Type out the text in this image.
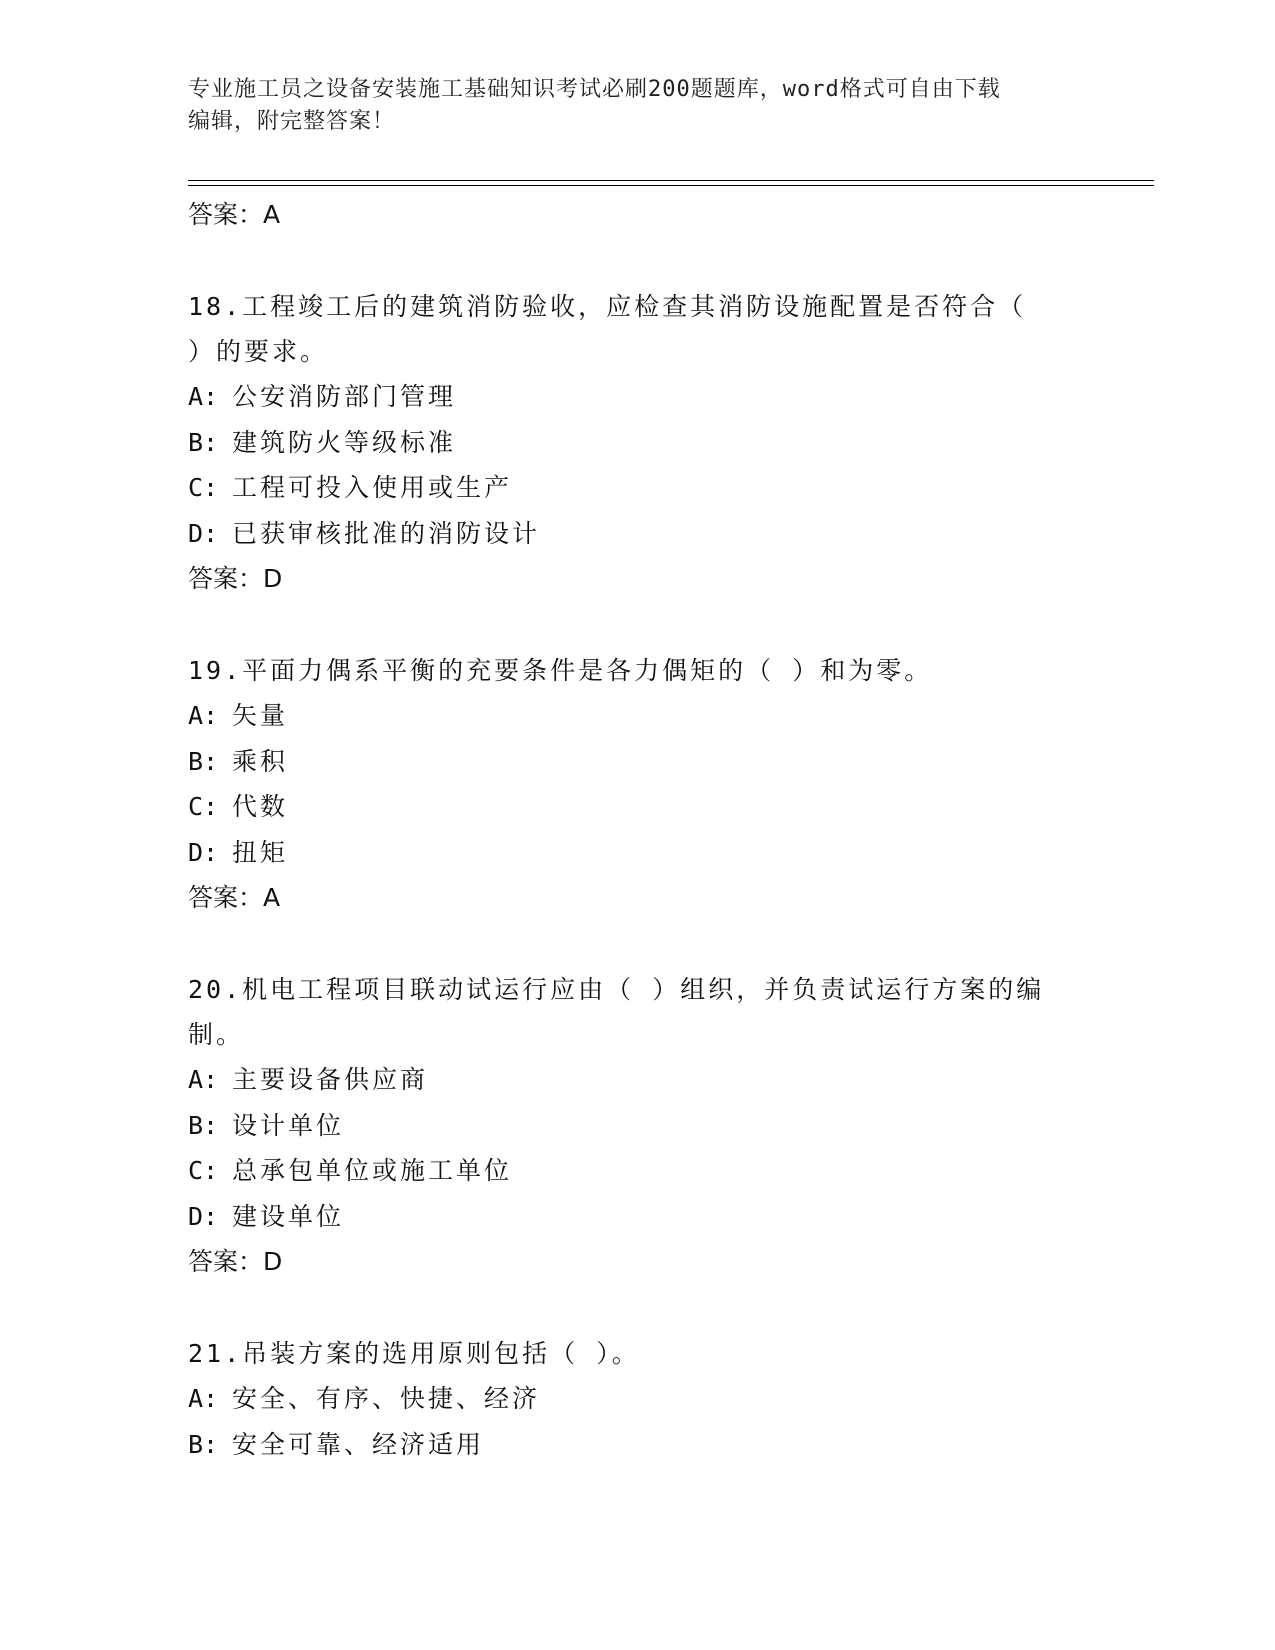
专业施工员之设备安装施工基础知识考试必刷200题题库，word格式可自由下载
编辑，附完整答案！
答案：A
18.工程竣工后的建筑消防验收，应检查其消防设施配置是否符合（
）的要求。
A: 公安消防部门管理
B: 建筑防火等级标准
C: 工程可投入使用或生产
D: 已获审核批准的消防设计
答案：D
19.平面力偶系平衡的充要条件是各力偶矩的（ ）和为零。
A: 矢量
B: 乘积
C: 代数
D: 扭矩
答案：A
20.机电工程项目联动试运行应由（ ）组织，并负责试运行方案的编
制。
A: 主要设备供应商
B: 设计单位
C: 总承包单位或施工单位
D: 建设单位
答案：D
21.吊装方案的选用原则包括（ ）。
A: 安全、有序、快捷、经济
B: 安全可靠、经济适用
